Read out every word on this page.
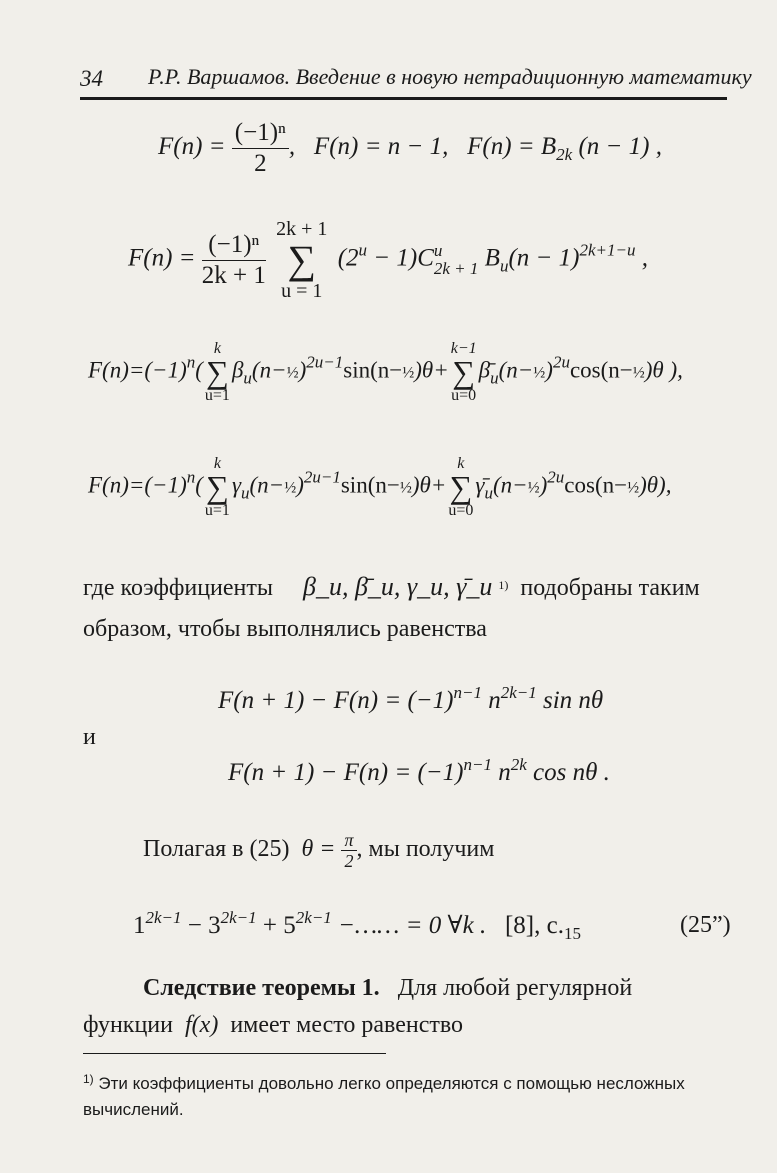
34 Р.Р. Варшамов. Введение в новую нетрадиционную математику
$F(n) = \frac{\text{(−1)ⁿ}}{2}$ , F(n) = n − 1, $F(n) = B_{2k}$ (n − 1) ,
$F(n) = \frac{\text{(−1)ⁿ}}{2k + 1}$

2k + 1
∑
u = 1
$(2^u - 1)C$ u
2k + 1 $B_u(n - 1)^{2k+1-u}$ ,
$F(n)=(-1)^n$(
k
∑
u=1
$\beta_u(n-\frac{1}{2})^{2u-1}\sin(n-\frac{1}{2})\theta+$
k−1
∑
u=0
$\betā_u(n-\frac{1}{2})^{2u}\cos(n-\frac{1}{2})\theta$ ),
$F(n)=(-1)^n$(
k
∑
u=1
$\gamma_u(n-\frac{1}{2})^{2u-1}\sin(n-\frac{1}{2})\theta+$
k
∑
u=0
$\gammā_u(n-\frac{1}{2})^{2u}\cos(n-\frac{1}{2})\theta$),
где коэффициенты β_u, β̄_u, γ_u, γ̄_u $^{1)}$ подобраны таким
образом, чтобы выполнялись равенства
$F(n + 1) - F(n) = (-1)^{n-1}$ $n^{2k-1}$ sin nθ
и
$F(n + 1) - F(n) = (-1)^{n-1}$ $n^{2k}$ cos nθ .
Полагая в (25) $\theta = \frac{\pi}{2}$ , мы получим
$1^{2k-1} - 3^{2k-1} + 5^{2k-1}$ −…… = 0 ∀k . [8], $с._{15}$	(25”)
Следствие теоремы 1. Для любой регулярной
функции f(x) имеет место равенство
$^{1)}$ Эти коэффициенты довольно легко определяются с помощью несложных вычислений.
